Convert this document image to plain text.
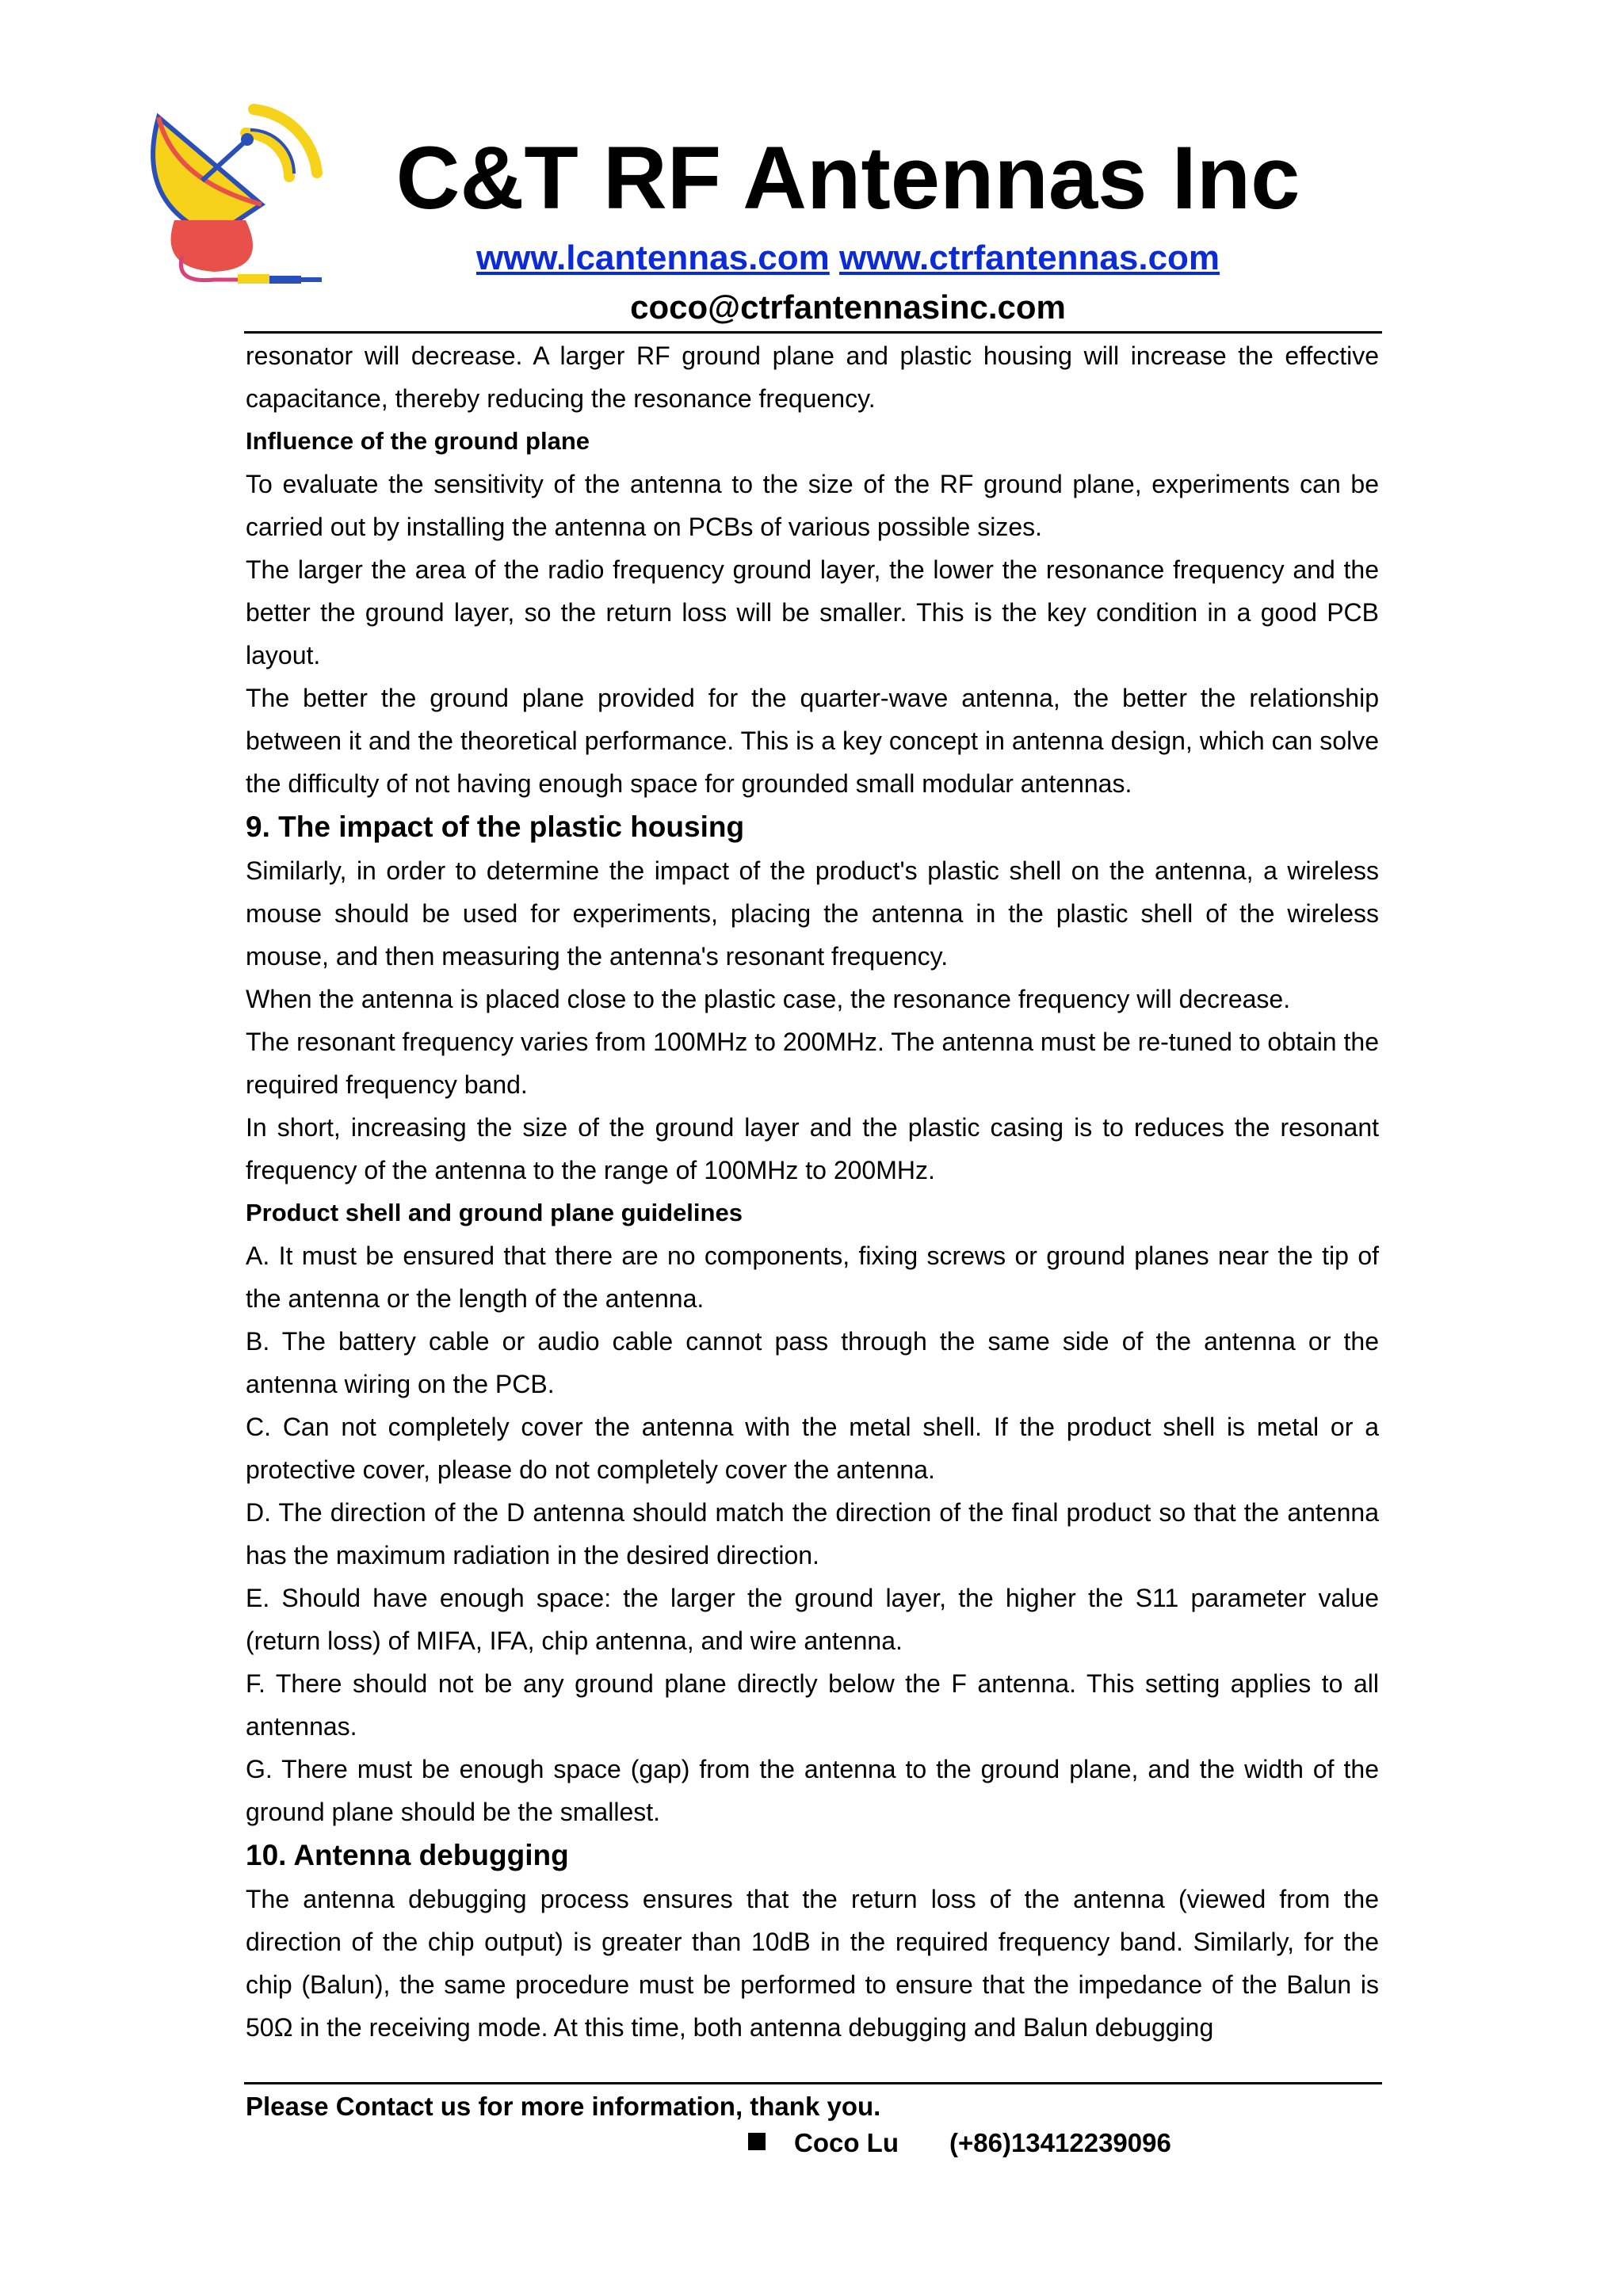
C&T RF Antennas Inc
www.lcantennas.com www.ctrfantennas.com
coco@ctrfantennasinc.com

resonator will decrease. A larger RF ground plane and plastic housing will increase the effective capacitance, thereby reducing the resonance frequency.

Influence of the ground plane

To evaluate the sensitivity of the antenna to the size of the RF ground plane, experiments can be carried out by installing the antenna on PCBs of various possible sizes.

The larger the area of the radio frequency ground layer, the lower the resonance frequency and the better the ground layer, so the return loss will be smaller. This is the key condition in a good PCB layout.

The better the ground plane provided for the quarter-wave antenna, the better the relationship between it and the theoretical performance. This is a key concept in antenna design, which can solve the difficulty of not having enough space for grounded small modular antennas.

9. The impact of the plastic housing

Similarly, in order to determine the impact of the product's plastic shell on the antenna, a wireless mouse should be used for experiments, placing the antenna in the plastic shell of the wireless mouse, and then measuring the antenna's resonant frequency.

When the antenna is placed close to the plastic case, the resonance frequency will decrease.

The resonant frequency varies from 100MHz to 200MHz. The antenna must be re-tuned to obtain the required frequency band.

In short, increasing the size of the ground layer and the plastic casing is to reduces the resonant frequency of the antenna to the range of 100MHz to 200MHz.

Product shell and ground plane guidelines

A. It must be ensured that there are no components, fixing screws or ground planes near the tip of the antenna or the length of the antenna.

B. The battery cable or audio cable cannot pass through the same side of the antenna or the antenna wiring on the PCB.

C. Can not completely cover the antenna with the metal shell. If the product shell is metal or a protective cover, please do not completely cover the antenna.

D. The direction of the D antenna should match the direction of the final product so that the antenna has the maximum radiation in the desired direction.

E. Should have enough space: the larger the ground layer, the higher the S11 parameter value (return loss) of MIFA, IFA, chip antenna, and wire antenna.

F. There should not be any ground plane directly below the F antenna. This setting applies to all antennas.

G. There must be enough space (gap) from the antenna to the ground plane, and the width of the ground plane should be the smallest.

10. Antenna debugging

The antenna debugging process ensures that the return loss of the antenna (viewed from the direction of the chip output) is greater than 10dB in the required frequency band. Similarly, for the chip (Balun), the same procedure must be performed to ensure that the impedance of the Balun is 50Ω in the receiving mode. At this time, both antenna debugging and Balun debugging

Please Contact us for more information, thank you.
Coco Lu (+86)13412239096
